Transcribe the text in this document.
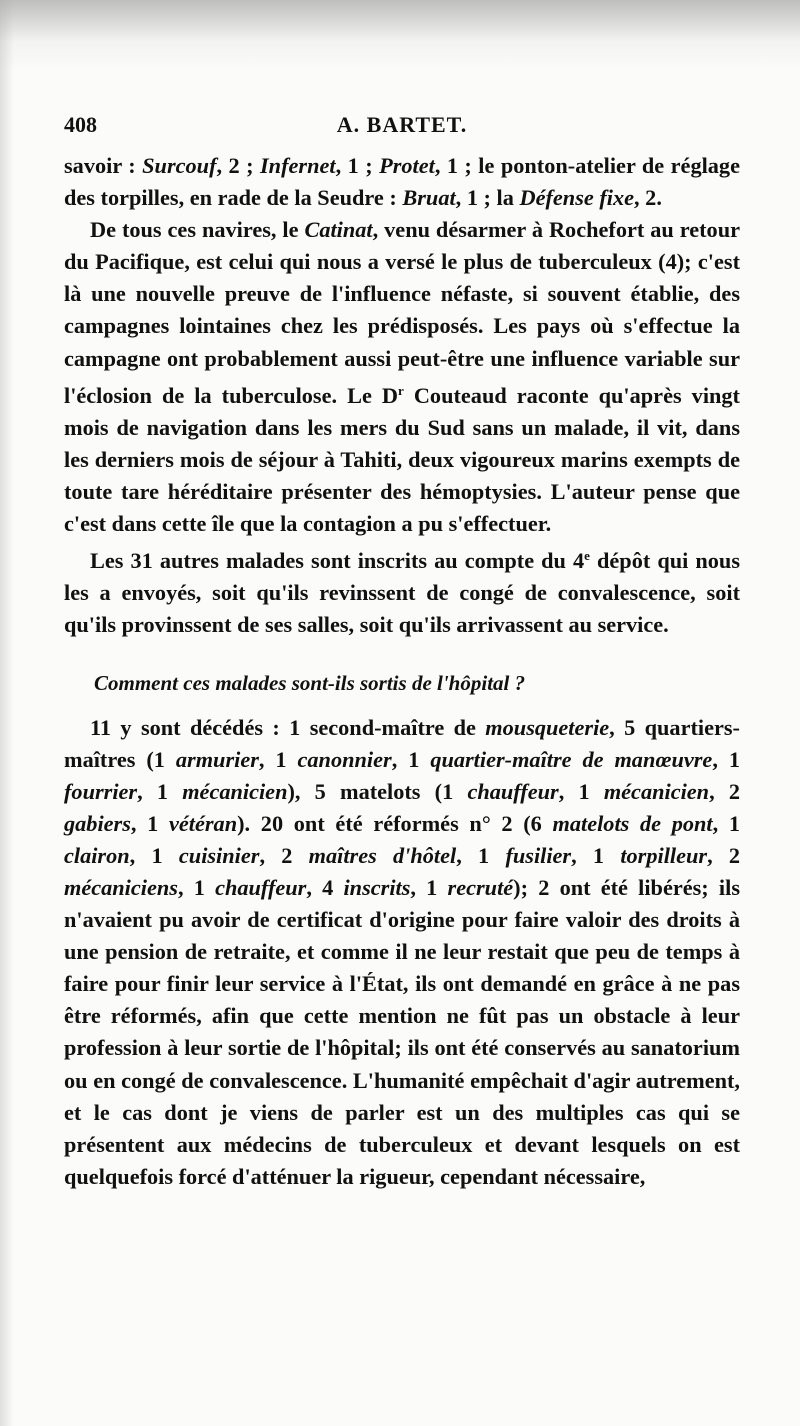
408	A. BARTET.

savoir : Surcouf, 2 ; Infernet, 1 ; Protet, 1 ; le ponton-atelier de réglage des torpilles, en rade de la Seudre : Bruat, 1 ; la Défense fixe, 2.

De tous ces navires, le Catinat, venu désarmer à Rochefort au retour du Pacifique, est celui qui nous a versé le plus de tuberculeux (4); c'est là une nouvelle preuve de l'influence néfaste, si souvent établie, des campagnes lointaines chez les prédisposés. Les pays où s'effectue la campagne ont probablement aussi peut-être une influence variable sur l'éclosion de la tuberculose. Le $D^r$ Couteaud raconte qu'après vingt mois de navigation dans les mers du Sud sans un malade, il vit, dans les derniers mois de séjour à Tahiti, deux vigoureux marins exempts de toute tare héréditaire présenter des hémoptysies. L'auteur pense que c'est dans cette île que la contagion a pu s'effectuer.

Les 31 autres malades sont inscrits au compte du 4e dépôt qui nous les a envoyés, soit qu'ils revinssent de congé de convalescence, soit qu'ils provinssent de ses salles, soit qu'ils arrivassent au service.

Comment ces malades sont-ils sortis de l'hôpital ?

11 y sont décédés : 1 second-maître de mousqueterie, 5 quartiers-maîtres (1 armurier, 1 canonnier, 1 quartier-maître de manœuvre, 1 fourrier, 1 mécanicien), 5 matelots (1 chauffeur, 1 mécanicien, 2 gabiers, 1 vétéran). 20 ont été réformés n° 2 (6 matelots de pont, 1 clairon, 1 cuisinier, 2 maîtres d'hôtel, 1 fusilier, 1 torpilleur, 2 mécaniciens, 1 chauffeur, 4 inscrits, 1 recruté); 2 ont été libérés; ils n'avaient pu avoir de certificat d'origine pour faire valoir des droits à une pension de retraite, et comme il ne leur restait que peu de temps à faire pour finir leur service à l'État, ils ont demandé en grâce à ne pas être réformés, afin que cette mention ne fût pas un obstacle à leur profession à leur sortie de l'hôpital; ils ont été conservés au sanatorium ou en congé de convalescence. L'humanité empêchait d'agir autrement, et le cas dont je viens de parler est un des multiples cas qui se présentent aux médecins de tuberculeux et devant lesquels on est quelquefois forcé d'atténuer la rigueur, cependant nécessaire,
